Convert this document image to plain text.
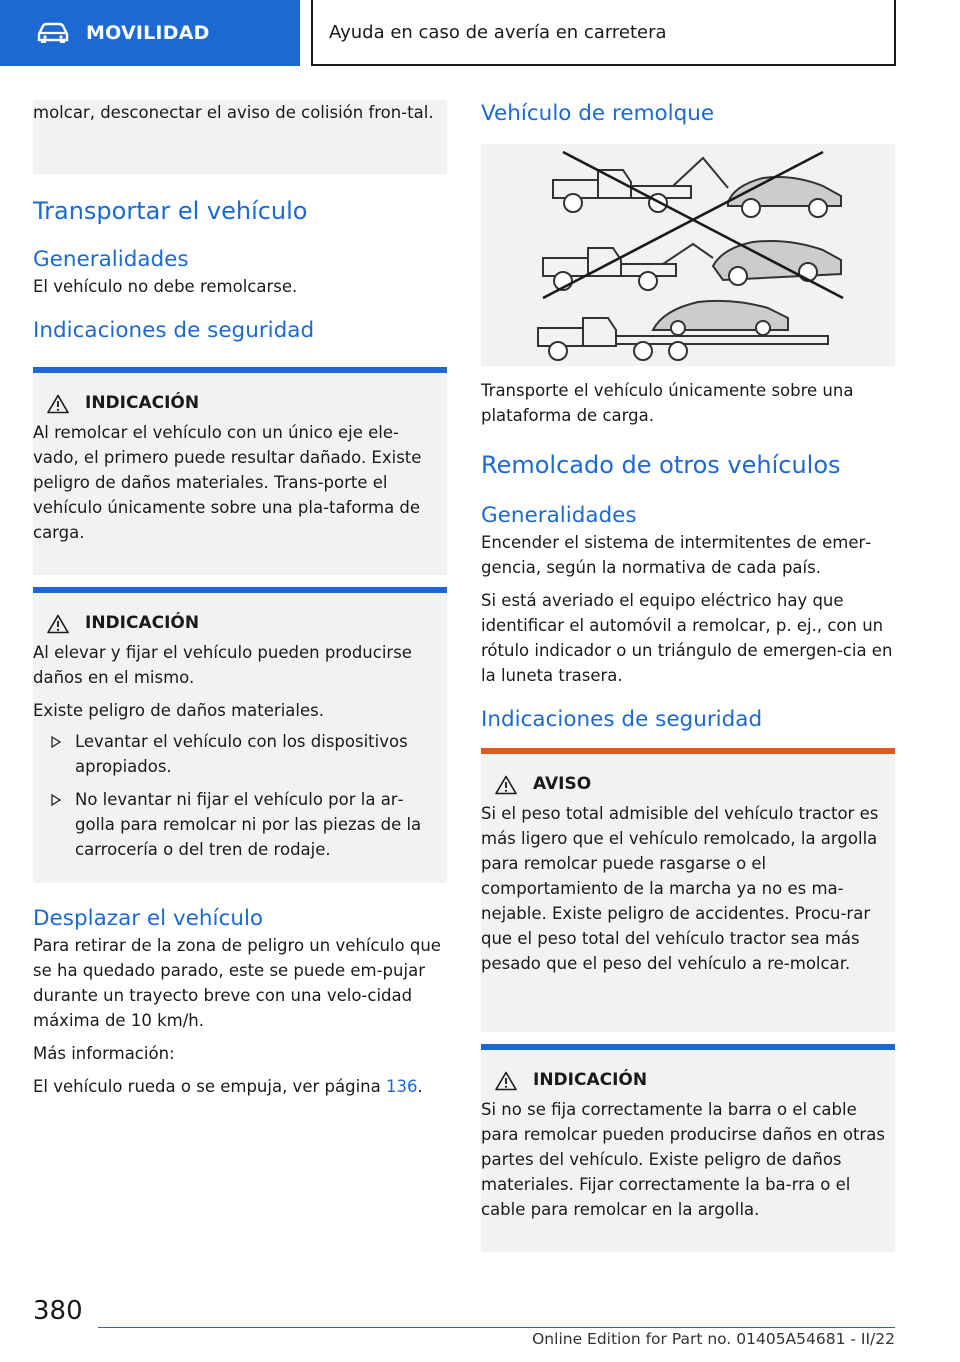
MOVILIDAD	Ayuda en caso de avería en carretera

molcar, desconectar el aviso de colisión fron‐tal.

Transportar el vehículo
Generalidades

El vehículo no debe remolcarse.

Indicaciones de seguridad
INDICACIÓN

Al remolcar el vehículo con un único eje ele‐vado, el primero puede resultar dañado. Existe peligro de daños materiales. Trans‐porte el vehículo únicamente sobre una pla‐taforma de carga.

INDICACIÓN

Al elevar y fijar el vehículo pueden producirse daños en el mismo.

Existe peligro de daños materiales.

Levantar el vehículo con los dispositivos apropiados.
No levantar ni fijar el vehículo por la ar‐golla para remolcar ni por las piezas de la carrocería o del tren de rodaje.
Desplazar el vehículo

Para retirar de la zona de peligro un vehículo que se ha quedado parado, este se puede em‐pujar durante un trayecto breve con una velo‐cidad máxima de 10 km/h.

Más información:

El vehículo rueda o se empuja, ver página 136.

Vehículo de remolque

Transporte el vehículo únicamente sobre una plataforma de carga.

Remolcado de otros vehículos
Generalidades

Encender el sistema de intermitentes de emer‐gencia, según la normativa de cada país.

Si está averiado el equipo eléctrico hay que identificar el automóvil a remolcar, p. ej., con un rótulo indicador o un triángulo de emergen‐cia en la luneta trasera.

Indicaciones de seguridad
AVISO

Si el peso total admisible del vehículo tractor es más ligero que el vehículo remolcado, la argolla para remolcar puede rasgarse o el comportamiento de la marcha ya no es ma‐nejable. Existe peligro de accidentes. Procu‐rar que el peso total del vehículo tractor sea más pesado que el peso del vehículo a re‐molcar.

INDICACIÓN

Si no se fija correctamente la barra o el cable para remolcar pueden producirse daños en otras partes del vehículo. Existe peligro de daños materiales. Fijar correctamente la ba‐rra o el cable para remolcar en la argolla.

380
Online Edition for Part no. 01405A54681 - II/22
